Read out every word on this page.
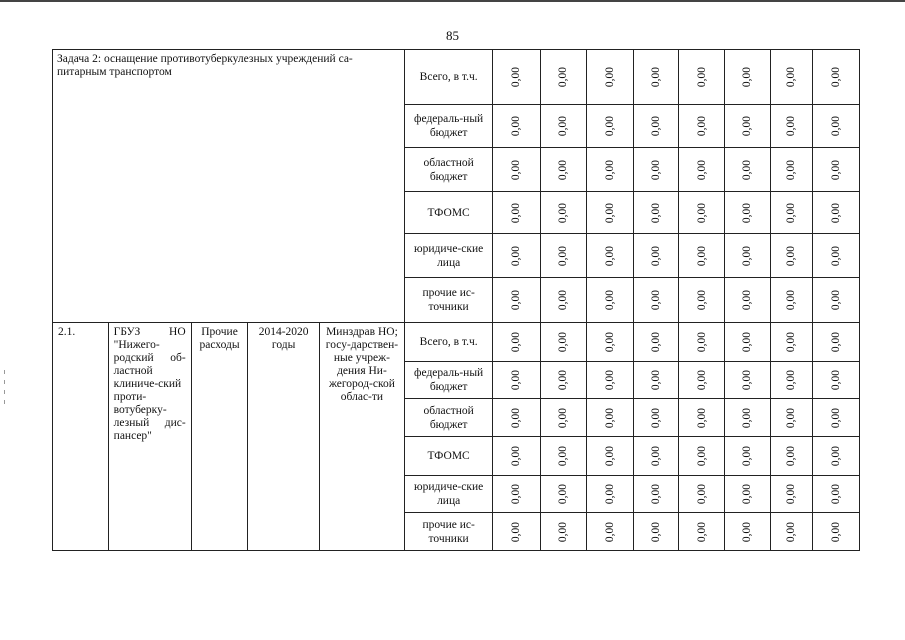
85
Задача 2: оснащение противотуберкулезных учреждений са-питарным транспортом					Всего, в т.ч.	0,00	0,00	0,00	0,00	0,00	0,00	0,00	0,00
					федераль-ный бюджет	0,00	0,00	0,00	0,00	0,00	0,00	0,00	0,00
					областной бюджет	0,00	0,00	0,00	0,00	0,00	0,00	0,00	0,00
					ТФОМС	0,00	0,00	0,00	0,00	0,00	0,00	0,00	0,00
					юридиче-ские лица	0,00	0,00	0,00	0,00	0,00	0,00	0,00	0,00
					прочие ис-точники	0,00	0,00	0,00	0,00	0,00	0,00	0,00	0,00
2.1.	ГБУЗ НО "Нижего-родский об-ластной клиниче-ский проти-вотуберку-лезный дис-пансер"	Прочие расходы	2014-2020 годы	Минздрав НО; госу-дарствен-ные учреж-дения Ни-жегород-ской облас-ти	Всего, в т.ч.	0,00	0,00	0,00	0,00	0,00	0,00	0,00	0,00
					федераль-ный бюджет	0,00	0,00	0,00	0,00	0,00	0,00	0,00	0,00
					областной бюджет	0,00	0,00	0,00	0,00	0,00	0,00	0,00	0,00
					ТФОМС	0,00	0,00	0,00	0,00	0,00	0,00	0,00	0,00
					юридиче-ские лица	0,00	0,00	0,00	0,00	0,00	0,00	0,00	0,00
					прочие ис-точники	0,00	0,00	0,00	0,00	0,00	0,00	0,00	0,00
